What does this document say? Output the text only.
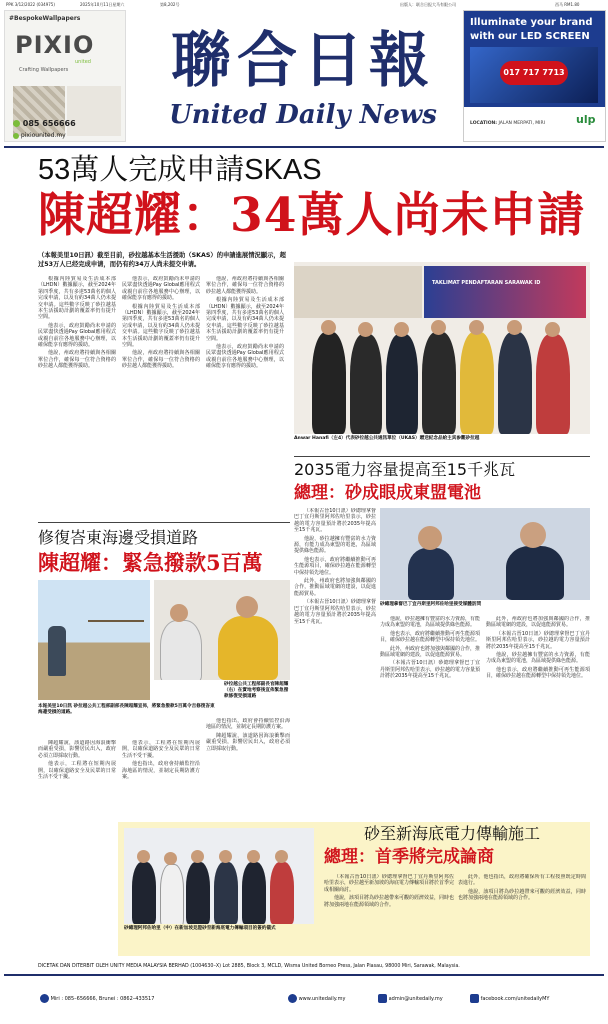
PPK 3/12/2022 (034975)	2025年10月11日星期六	第8,202号	出版人：联合日报大马有限公司	西马 RM1.80
#BespokeWallpapers
PIXIO
united
Crafting Wallpapers
085 656666
pixiounited.my
聯合日報
United Daily News
Illuminate your brand
with our LED SCREEN
017 717 7713
LOCATION: JALAN MERPATI, MIRI	ulp
53萬人完成申請SKAS
陳超耀：34萬人尚未申請
（本報美里10日訊）截至目前，砂拉越基本生活援助（SKAS）的申請進展情況顯示，超过53万人已经完成申请，而仍有约34万人尚未提交申请。

根據內陸貿易及生活成本部（LHDN）數據顯示，截至2024年第四季度，共有多達53萬名的個人完成申請，以及有約34萬人仍未提交申請。這些數字反映了砂拉越基本生活援助計劃的覆蓋率仍有提升空間。

他表示，政府鼓勵尚未申請的民眾盡快透過Pay Global應用程式或親自前往各地服務中心辦理，以確保能享有應得的援助。

他說，州政府將持續與各相關單位合作，確保每一位符合資格的砂拉越人都能獲得援助。

他表示，政府鼓勵尚未申請的民眾盡快透過Pay Global應用程式或親自前往各地服務中心辦理，以確保能享有應得的援助。

根據內陸貿易及生活成本部（LHDN）數據顯示，截至2024年第四季度，共有多達53萬名的個人完成申請，以及有約34萬人仍未提交申請。這些數字反映了砂拉越基本生活援助計劃的覆蓋率仍有提升空間。

他說，州政府將持續與各相關單位合作，確保每一位符合資格的砂拉越人都能獲得援助。

他說，州政府將持續與各相關單位合作，確保每一位符合資格的砂拉越人都能獲得援助。

根據內陸貿易及生活成本部（LHDN）數據顯示，截至2024年第四季度，共有多達53萬名的個人完成申請，以及有約34萬人仍未提交申請。這些數字反映了砂拉越基本生活援助計劃的覆蓋率仍有提升空間。

他表示，政府鼓勵尚未申請的民眾盡快透過Pay Global應用程式或親自前往各地服務中心辦理，以確保能享有應得的援助。

TAKLIMAT PENDAFTARAN SARAWAK ID
Anwar Hanafi（左4）代表砂拉越公共通訊單位（UKAS）贈送紀念品給主宾参觀砂拉越
修復峇東海邊受損道路
陳超耀：緊急撥款5百萬
砂拉越公共工程部副長官陳超耀（右）在實地考察後宣佈緊急撥款修復受損道路
本報美里10日訊 砂拉越公共工程部副部長陳超耀宣佈，將緊急撥款5百萬令吉修復峇東海邊受損的道路。

陳超耀說，該道路因海浪衝擊而嚴重受損，影響居民出入，政府必須立即採取行動。

他表示，工程將在短期內展開，以確保道路安全及民眾的日常生活不受干擾。

他表示，工程將在短期內展開，以確保道路安全及民眾的日常生活不受干擾。

他也指出，政府會持續監控沿海地區的情況，並制定長期防護方案。

他也指出，政府會持續監控沿海地區的情況，並制定長期防護方案。

陳超耀說，該道路因海浪衝擊而嚴重受損，影響居民出入，政府必須立即採取行動。

2035電力容量提高至15千兆瓦
總理：砂成眼成東盟電池

（本報古晉10日訊）砂總理拿督巴丁宜丹斯里阿邦佐哈里表示，砂拉越的電力容量預計將於2035年提高至15千兆瓦。

他說，砂拉越擁有豐富的水力資源，有能力成為東盟的電池，為區域提供綠色能源。

他也表示，政府將繼續推動可再生能源項目，確保砂拉越在能源轉型中保持領先地位。

此外，州政府也將加強與鄰國的合作，推動區域電網的建設，以促進能源貿易。

（本報古晉10日訊）砂總理拿督巴丁宜丹斯里阿邦佐哈里表示，砂拉越的電力容量預計將於2035年提高至15千兆瓦。

砂總理拿督巴丁宜丹斯里阿邦佐哈里接受媒體訪問

他說，砂拉越擁有豐富的水力資源，有能力成為東盟的電池，為區域提供綠色能源。

他也表示，政府將繼續推動可再生能源項目，確保砂拉越在能源轉型中保持領先地位。

此外，州政府也將加強與鄰國的合作，推動區域電網的建設，以促進能源貿易。

（本報古晉10日訊）砂總理拿督巴丁宜丹斯里阿邦佐哈里表示，砂拉越的電力容量預計將於2035年提高至15千兆瓦。

此外，州政府也將加強與鄰國的合作，推動區域電網的建設，以促進能源貿易。

（本報古晉10日訊）砂總理拿督巴丁宜丹斯里阿邦佐哈里表示，砂拉越的電力容量預計將於2035年提高至15千兆瓦。

他說，砂拉越擁有豐富的水力資源，有能力成為東盟的電池，為區域提供綠色能源。

他也表示，政府將繼續推動可再生能源項目，確保砂拉越在能源轉型中保持領先地位。

砂總理阿邦佐哈里（中）在新加坡見證砂至新海底電力傳輸項目的簽約儀式
砂至新海底電力傳輸施工
總理：首季將完成論商

（本報古晉10日訊）砂總理拿督巴丁宜丹斯里阿邦佐哈里表示，砂拉越至新加坡的海底電力傳輸項目將於首季完成相關商討。

他說，該項目將為砂拉越帶來可觀的經濟效益，同時也將加強兩地在能源領域的合作。

此外，他也指出，政府將確保所有工程按照既定時間表進行。

他說，該項目將為砂拉越帶來可觀的經濟效益，同時也將加強兩地在能源領域的合作。

DICETAK DAN DITERBIT OLEH UNITY MEDIA MALAYSIA BERHAD (1004630–X) Lot 2885, Block 3, MCLD, Wisma United Borneo Press, Jalan Piasau, 98000 Miri, Sarawak, Malaysia.
Miri : 085–656666, Brunei : 0862–433517	www.unitedaily.my	admin@unitedaily.my	facebook.com/unitedailyMY
